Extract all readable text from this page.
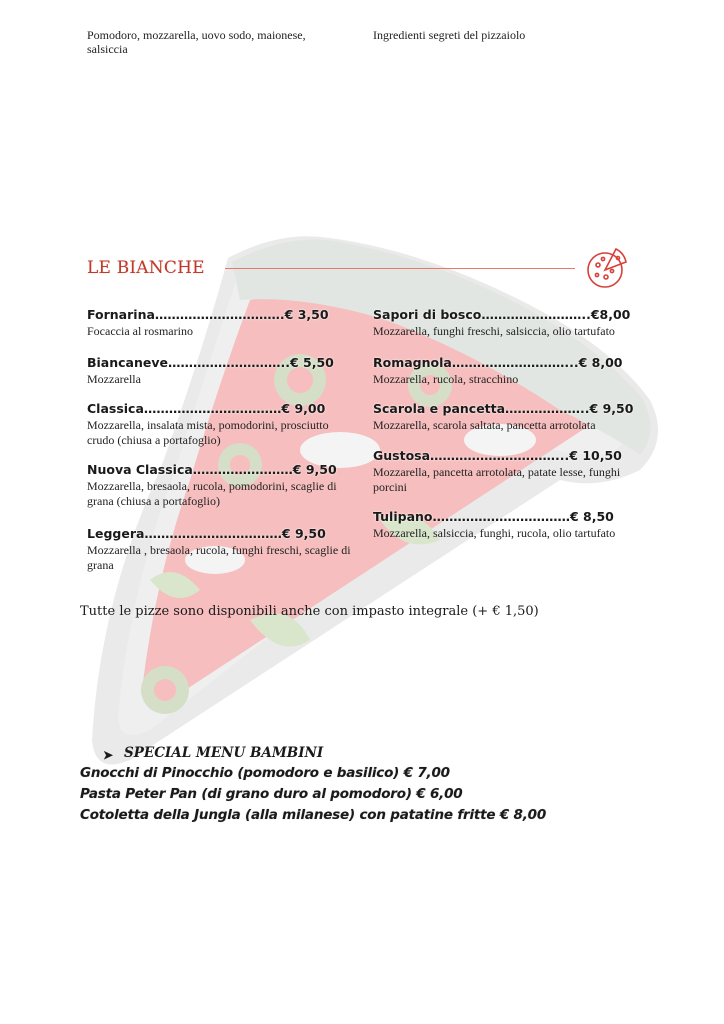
Pomodoro, mozzarella, uovo sodo, maionese, salsiccia
Ingredienti segreti del pizzaiolo
LE BIANCHE
Fornarina………………………….€ 3,50
Focaccia al rosmarino
Biancaneve………………………..€ 5,50
Mozzarella
Classica……………………………€ 9,00
Mozzarella, insalata mista, pomodorini, prosciutto crudo (chiusa a portafoglio)
Nuova Classica……………………€ 9,50
Mozzarella, bresaola, rucola, pomodorini, scaglie di grana (chiusa a portafoglio)
Leggera……………………………€ 9,50
Mozzarella , bresaola, rucola, funghi freschi, scaglie di grana
Sapori di bosco……………………..€8,00
Mozzarella, funghi freschi, salsiccia, olio tartufato
Romagnola………………………...€ 8,00
Mozzarella, rucola, stracchino
Scarola e pancetta………………..€ 9,50
Mozzarella, scarola saltata, pancetta arrotolata
Gustosa…………………………...€ 10,50
Mozzarella, pancetta arrotolata, patate lesse, funghi porcini
Tulipano……………………………€ 8,50
Mozzarella, salsiccia, funghi, rucola, olio tartufato
Tutte le pizze sono disponibili anche con impasto integrale (+ € 1,50)
➤ SPECIAL MENU BAMBINI
Gnocchi di Pinocchio (pomodoro e basilico) € 7,00
Pasta Peter Pan (di grano duro al pomodoro) € 6,00
Cotoletta della Jungla (alla milanese) con patatine fritte € 8,00
